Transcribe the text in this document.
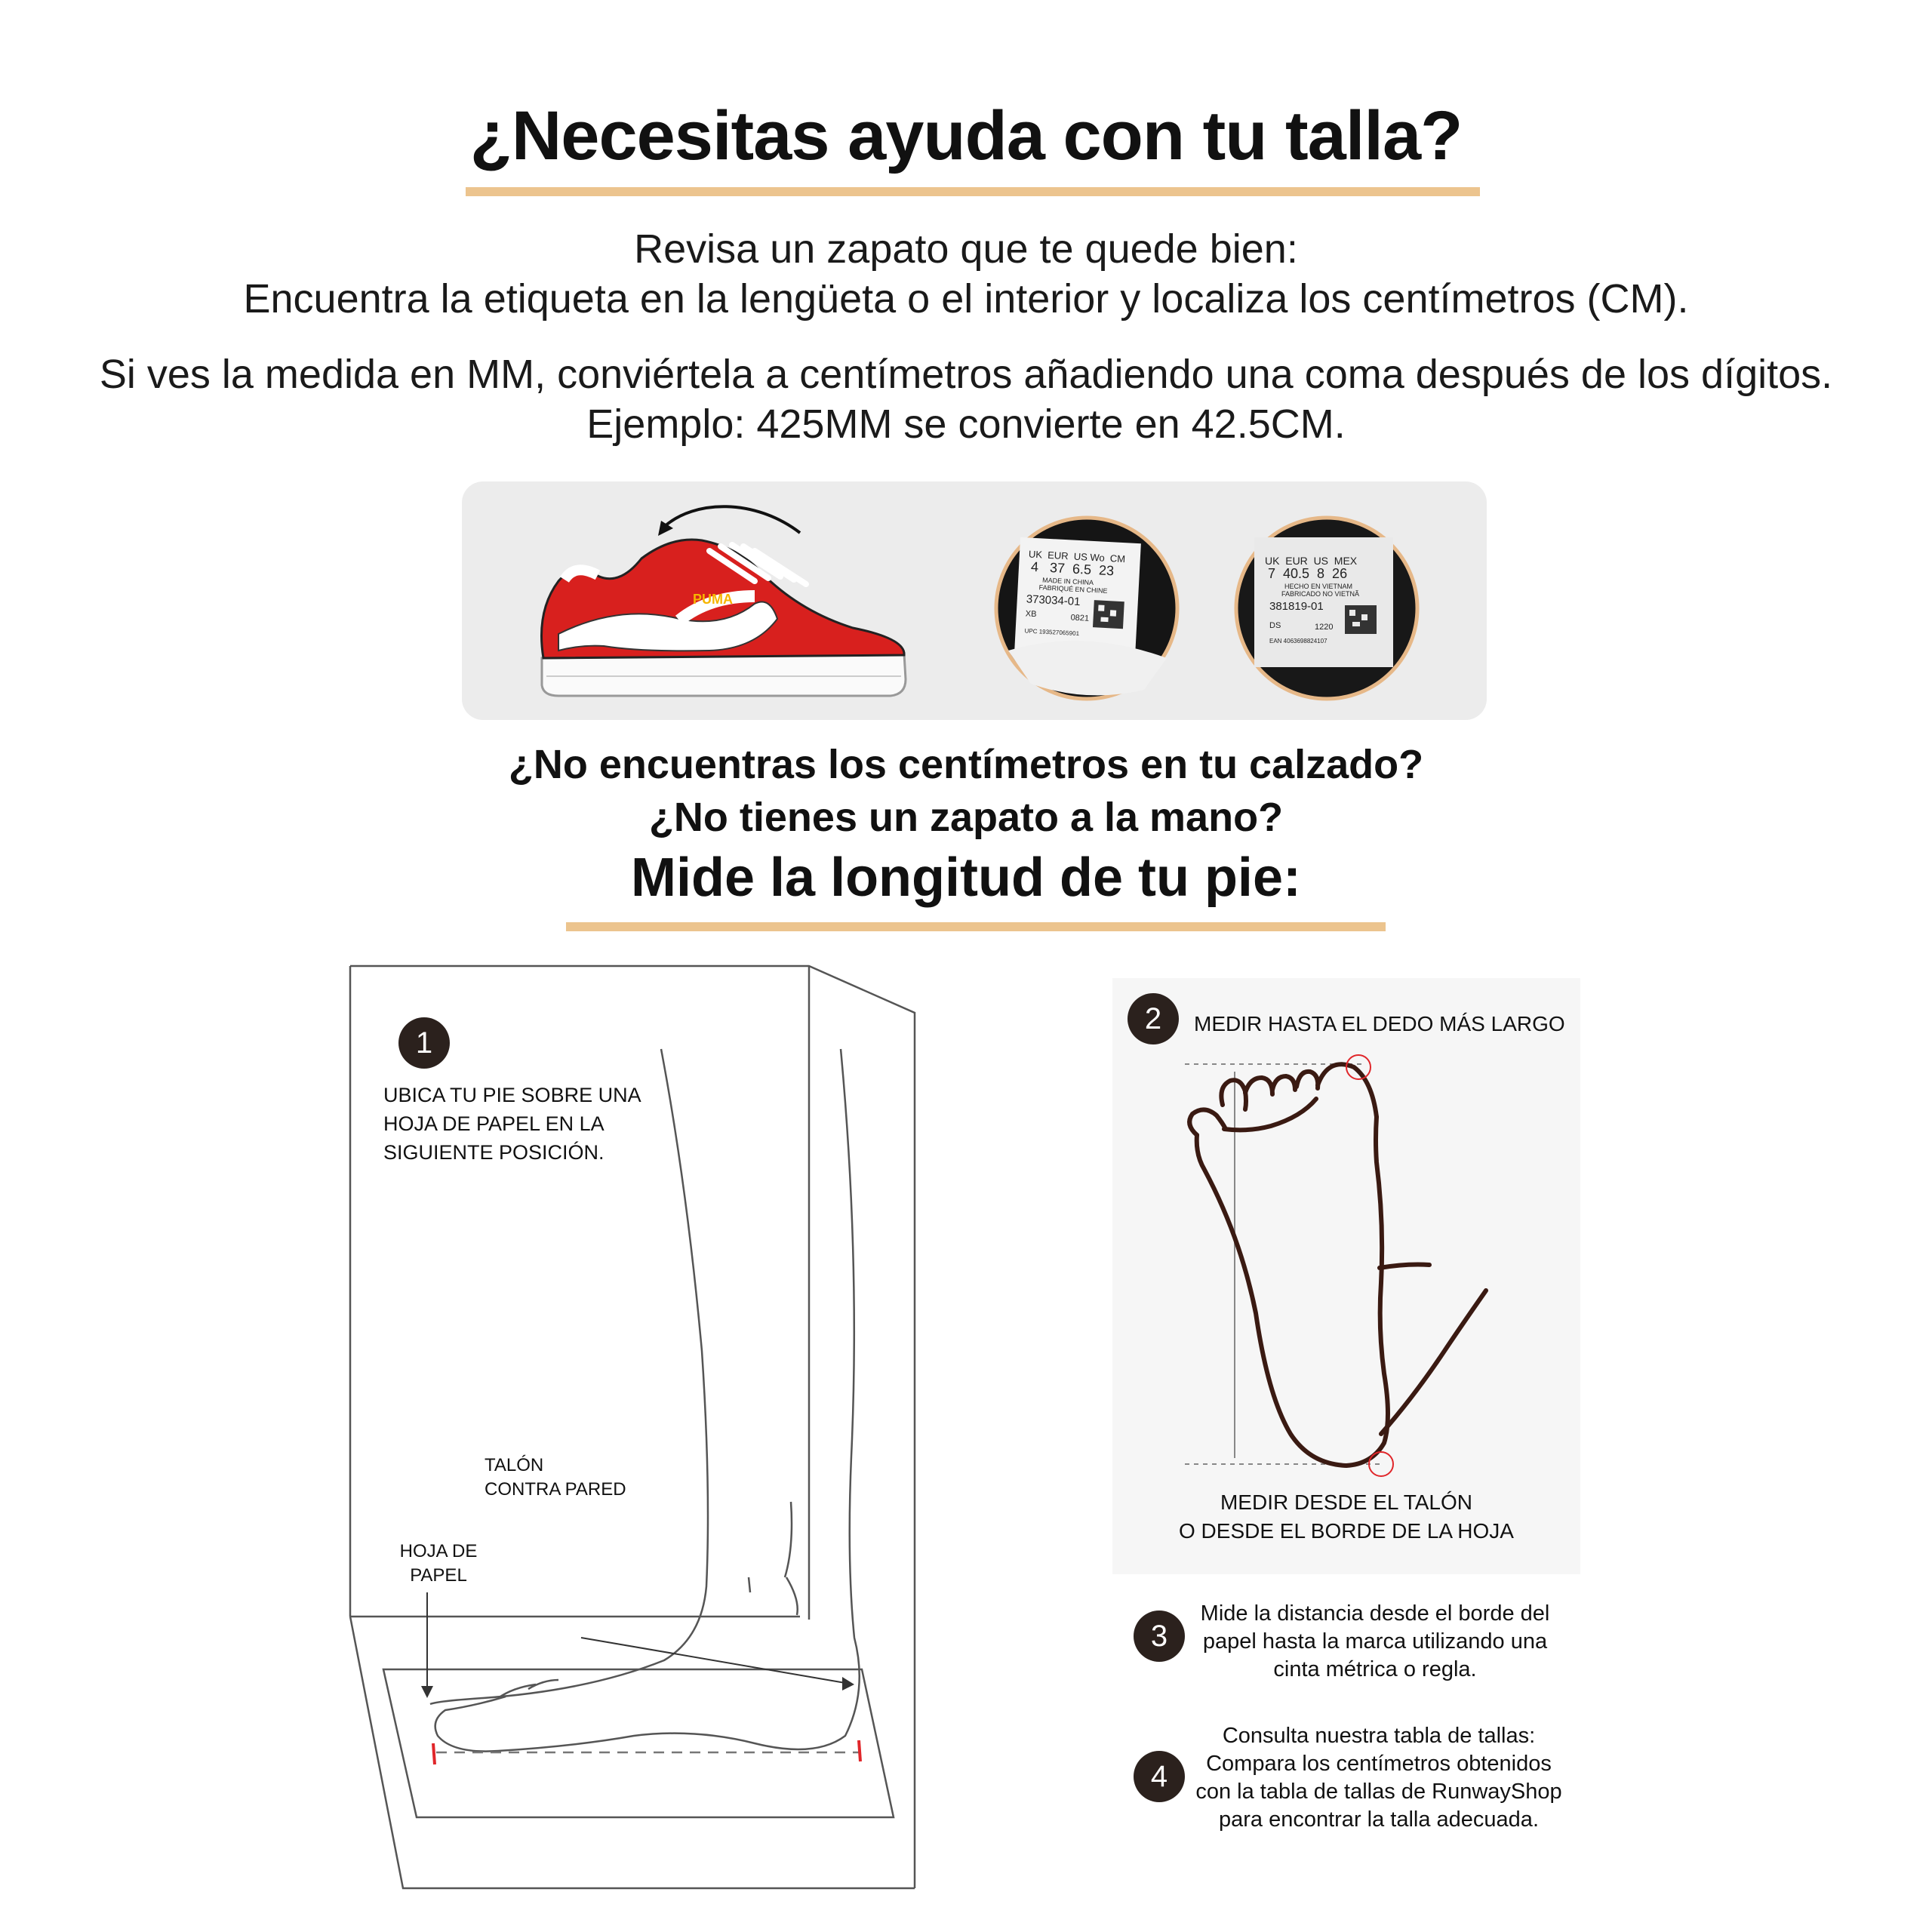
¿Necesitas ayuda con tu talla?
Revisa un zapato que te quede bien:
Encuentra la etiqueta en la lengüeta o el interior y localiza los centímetros (CM).
Si ves la medida en MM, conviértela a centímetros añadiendo una coma después de los dígitos.
Ejemplo: 425MM se convierte en 42.5CM.
PUMA
UK  EUR  US Wo  CM
4   37  6.5  23
MADE IN CHINA
FABRIQUÉ EN CHINE
373034-01
XB	0821
UPC 193527065901
UK  EUR  US  MEX
7  40.5  8  26
HECHO EN VIETNAM
FABRICADO NO VIETNÃ
381819-01
DS	1220
EAN 4063698824107
¿No encuentras los centímetros en tu calzado?
¿No tienes un zapato a la mano?
Mide la longitud de tu pie:
1
UBICA TU PIE SOBRE UNA
HOJA DE PAPEL EN LA
SIGUIENTE POSICIÓN.
TALÓN
CONTRA PARED
HOJA DE
PAPEL
2	MEDIR HASTA EL DEDO MÁS LARGO
MEDIR DESDE EL TALÓN
O DESDE EL BORDE DE LA HOJA
3
Mide la distancia desde el borde del
papel hasta la marca utilizando una
cinta métrica o regla.
4
Consulta nuestra tabla de tallas:
Compara los centímetros obtenidos
con la tabla de tallas de RunwayShop
para encontrar la talla adecuada.
